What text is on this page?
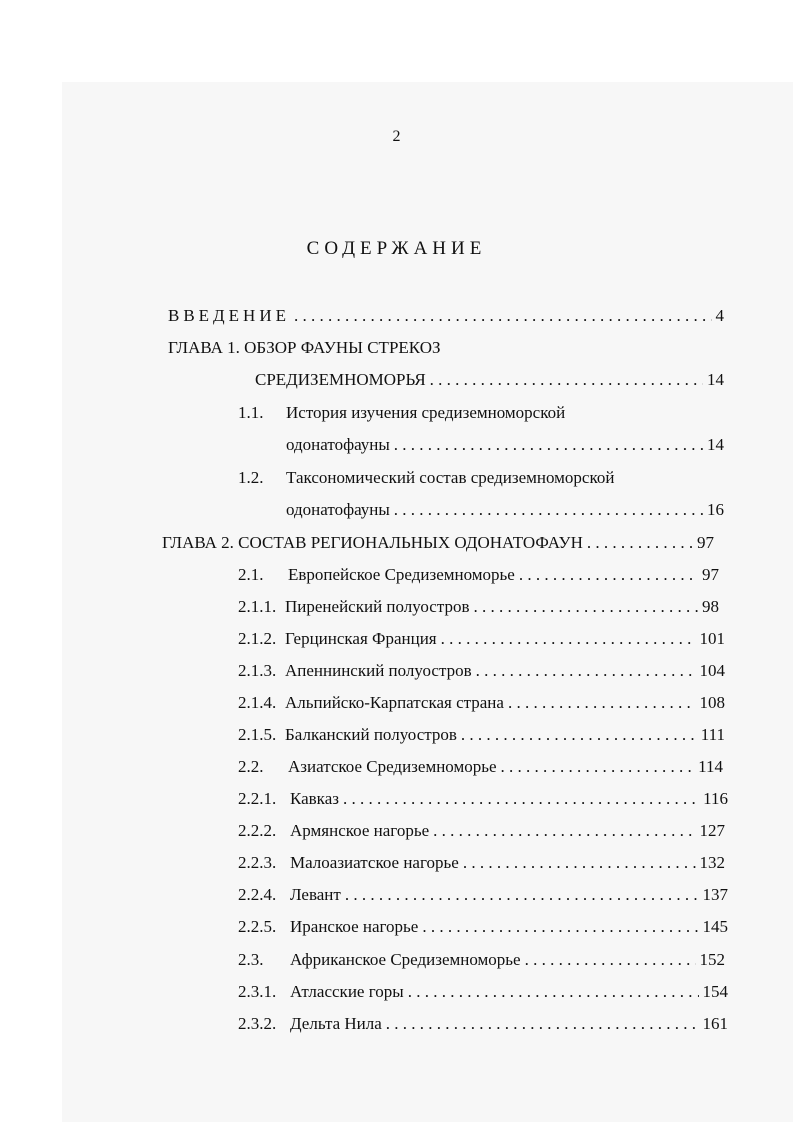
2
СОДЕРЖАНИЕ
ВВЕДЕНИЕ . . .	4
ГЛАВА 1. ОБЗОР ФАУНЫ СТРЕКОЗ
СРЕДИЗЕМНОМОРЬЯ . . .	14
1.1.	История изучения средиземноморской
одонатофауны . . .	14
1.2.	Таксономический состав средиземноморской
одонатофауны . . .	16
ГЛАВА 2. СОСТАВ РЕГИОНАЛЬНЫХ ОДОНАТОФАУН . . .	97
2.1.	Европейское Средиземноморье . . .	97
2.1.1. Пиренейский полуостров . . .	98
2.1.2. Герцинская Франция . . .	101
2.1.3. Апеннинский полуостров . . .	104
2.1.4. Альпийско-Карпатская страна . . .	108
2.1.5. Балканский полуостров . . .	111
2.2.	Азиатское Средиземноморье . . .	114
2.2.1. Кавказ . . .	116
2.2.2. Армянское нагорье . . .	127
2.2.3. Малоазиатское нагорье . . .	132
2.2.4. Левант . . .	137
2.2.5. Иранское нагорье . . .	145
2.3.	Африканское Средиземноморье . . .	152
2.3.1. Атласские горы . . .	154
2.3.2. Дельта Нила . . .	161
